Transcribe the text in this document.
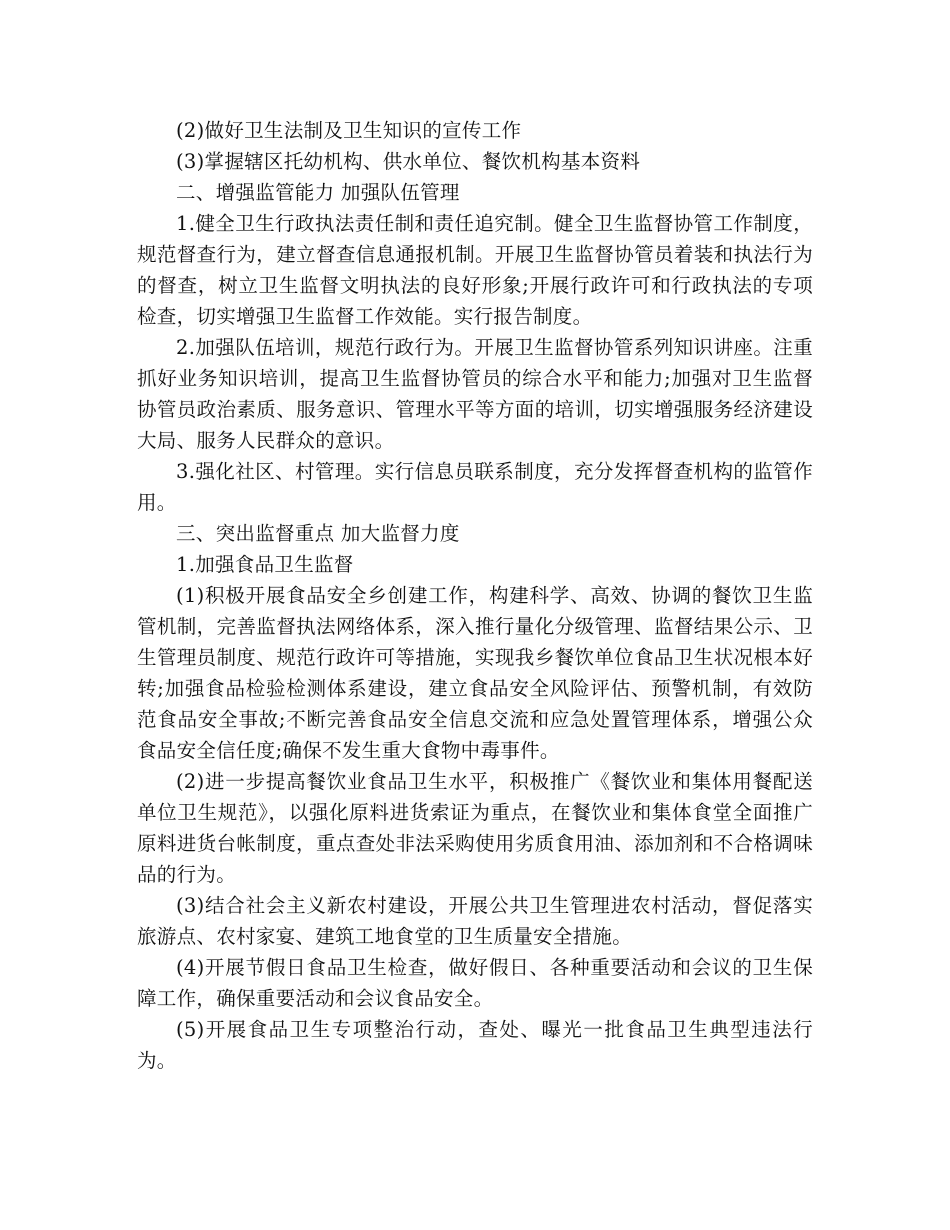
(2)做好卫生法制及卫生知识的宣传工作

(3)掌握辖区托幼机构、供水单位、餐饮机构基本资料

二、增强监管能力 加强队伍管理

1.健全卫生行政执法责任制和责任追究制。健全卫生监督协管工作制度，规范督查行为，建立督查信息通报机制。开展卫生监督协管员着装和执法行为的督查，树立卫生监督文明执法的良好形象;开展行政许可和行政执法的专项检查，切实增强卫生监督工作效能。实行报告制度。

2.加强队伍培训，规范行政行为。开展卫生监督协管系列知识讲座。注重抓好业务知识培训，提高卫生监督协管员的综合水平和能力;加强对卫生监督协管员政治素质、服务意识、管理水平等方面的培训，切实增强服务经济建设大局、服务人民群众的意识。

3.强化社区、村管理。实行信息员联系制度，充分发挥督查机构的监管作用。

三、突出监督重点 加大监督力度

1.加强食品卫生监督

(1)积极开展食品安全乡创建工作，构建科学、高效、协调的餐饮卫生监管机制，完善监督执法网络体系，深入推行量化分级管理、监督结果公示、卫生管理员制度、规范行政许可等措施，实现我乡餐饮单位食品卫生状况根本好转;加强食品检验检测体系建设，建立食品安全风险评估、预警机制，有效防范食品安全事故;不断完善食品安全信息交流和应急处置管理体系，增强公众食品安全信任度;确保不发生重大食物中毒事件。

(2)进一步提高餐饮业食品卫生水平，积极推广《餐饮业和集体用餐配送单位卫生规范》，以强化原料进货索证为重点，在餐饮业和集体食堂全面推广原料进货台帐制度，重点查处非法采购使用劣质食用油、添加剂和不合格调味品的行为。

(3)结合社会主义新农村建设，开展公共卫生管理进农村活动，督促落实旅游点、农村家宴、建筑工地食堂的卫生质量安全措施。

(4)开展节假日食品卫生检查，做好假日、各种重要活动和会议的卫生保障工作，确保重要活动和会议食品安全。

(5)开展食品卫生专项整治行动，查处、曝光一批食品卫生典型违法行为。
